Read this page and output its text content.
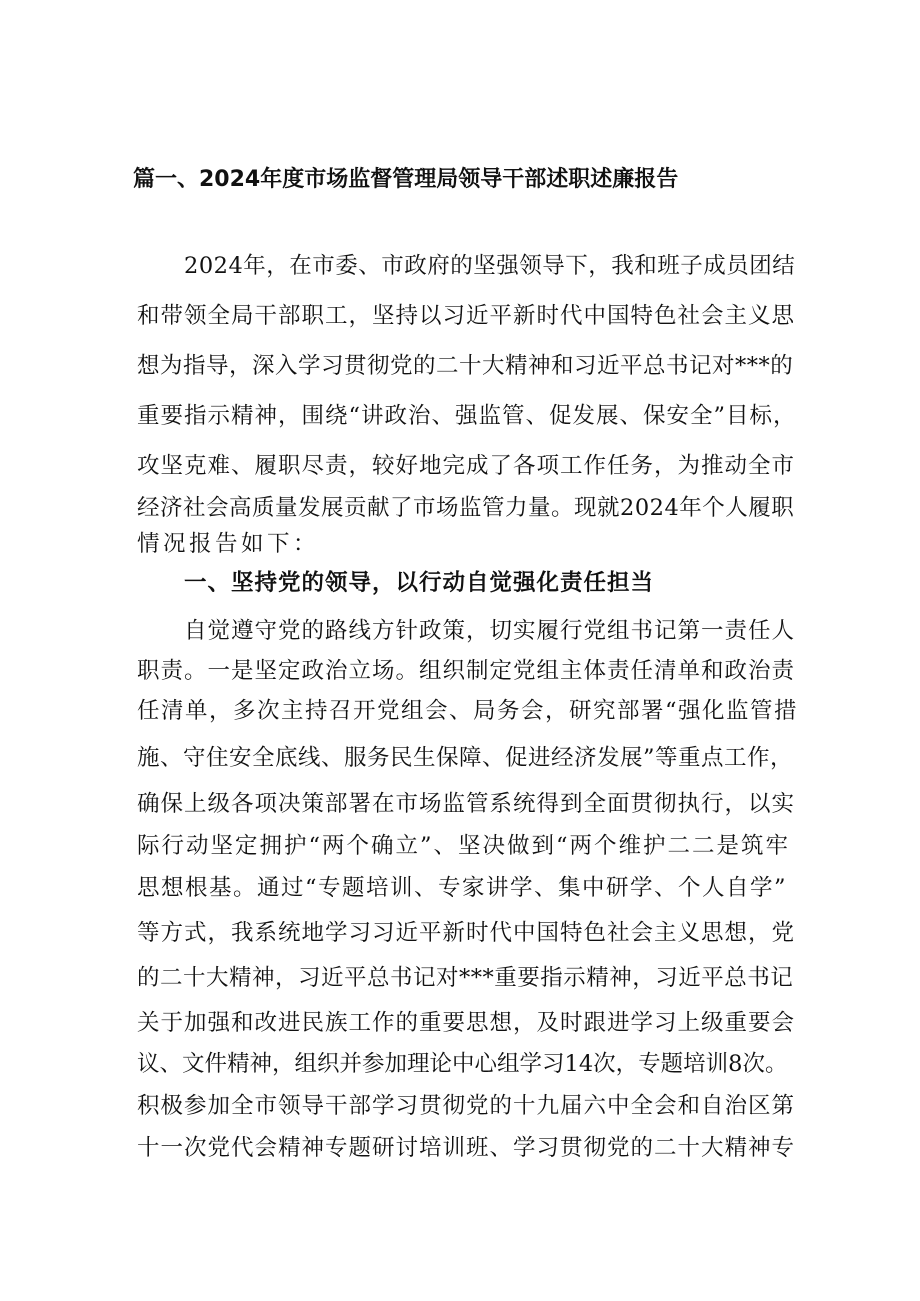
篇一、2024年度市场监督管理局领导干部述职述廉报告
2024年，在市委、市政府的坚强领导下，我和班子成员团结
和带领全局干部职工，坚持以习近平新时代中国特色社会主义思
想为指导，深入学习贯彻党的二十大精神和习近平总书记对***的
重要指示精神，围绕“讲政治、强监管、促发展、保安全”目标，
攻坚克难、履职尽责，较好地完成了各项工作任务，为推动全市
经济社会高质量发展贡献了市场监管力量。现就2024年个人履职
情况报告如下：
一、坚持党的领导，以行动自觉强化责任担当
自觉遵守党的路线方针政策，切实履行党组书记第一责任人
职责。一是坚定政治立场。组织制定党组主体责任清单和政治责
任清单，多次主持召开党组会、局务会，研究部署“强化监管措
施、守住安全底线、服务民生保障、促进经济发展”等重点工作，
确保上级各项决策部署在市场监管系统得到全面贯彻执行，以实
际行动坚定拥护“两个确立”、坚决做到“两个维护二二是筑牢
思想根基。通过“专题培训、专家讲学、集中研学、个人自学”
等方式，我系统地学习习近平新时代中国特色社会主义思想，党
的二十大精神，习近平总书记对***重要指示精神，习近平总书记
关于加强和改进民族工作的重要思想，及时跟进学习上级重要会
议、文件精神，组织并参加理论中心组学习14次，专题培训8次。
积极参加全市领导干部学习贯彻党的十九届六中全会和自治区第
十一次党代会精神专题研讨培训班、学习贯彻党的二十大精神专
